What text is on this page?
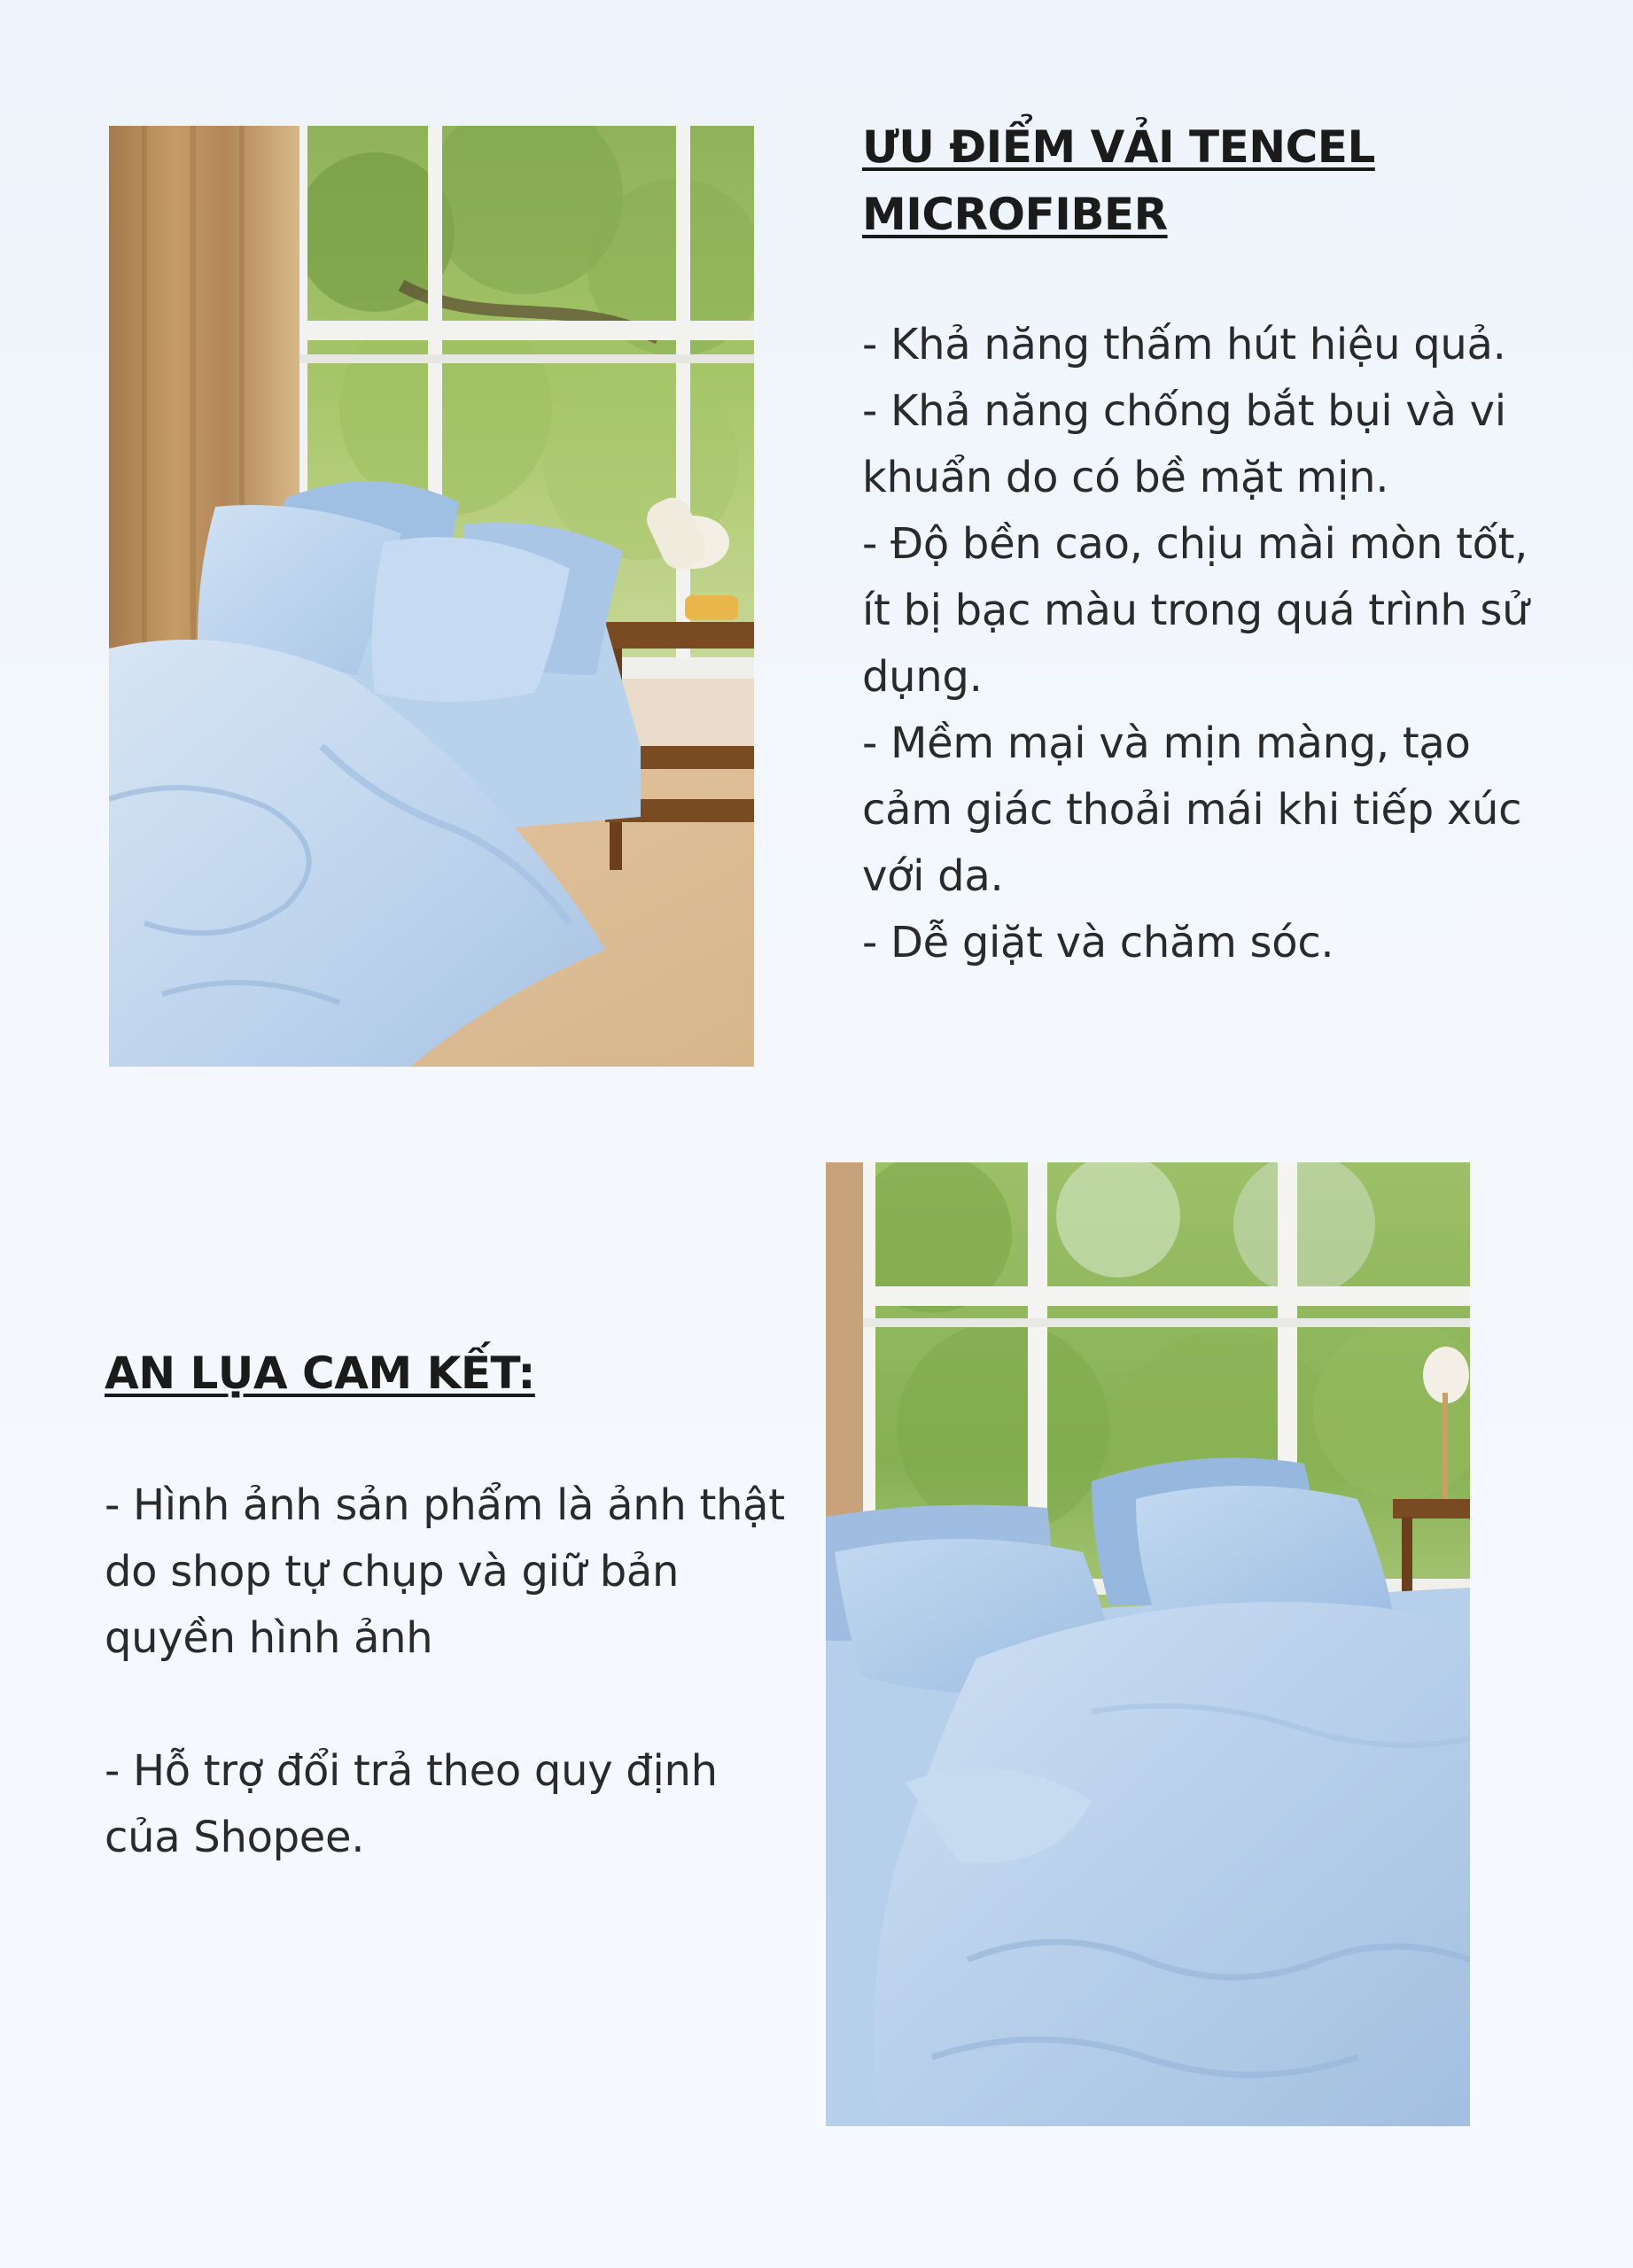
ƯU ĐIỂM VẢI TENCEL
MICROFIBER
- Khả năng thấm hút hiệu quả.
- Khả năng chống bắt bụi và vi khuẩn do có bề mặt mịn.
- Độ bền cao, chịu mài mòn tốt, ít bị bạc màu trong quá trình sử dụng.
- Mềm mại và mịn màng, tạo cảm giác thoải mái khi tiếp xúc với da.
- Dễ giặt và chăm sóc.
AN LỤA CAM KẾT:
- Hình ảnh sản phẩm là ảnh thật do shop tự chụp và giữ bản quyền hình ảnh
- Hỗ trợ đổi trả theo quy định của Shopee.
